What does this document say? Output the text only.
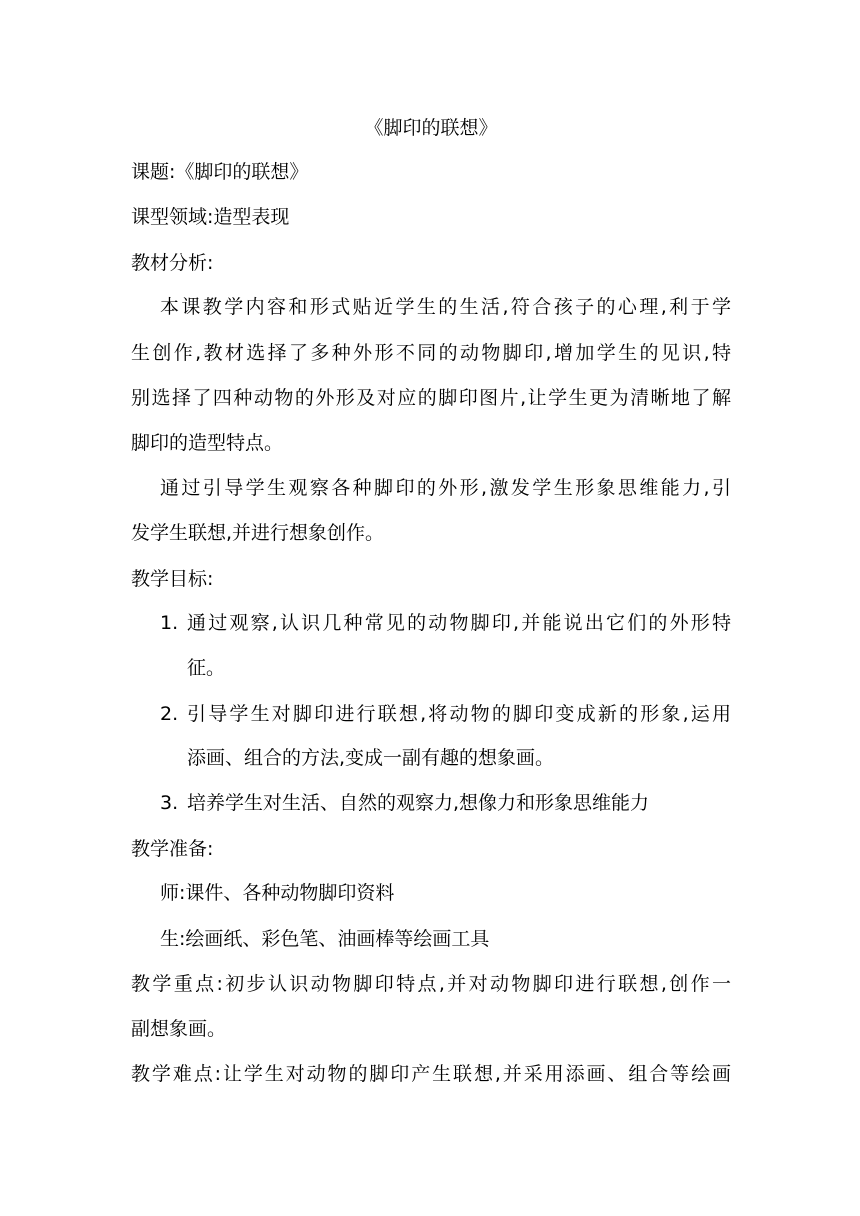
《脚印的联想》
课题:《脚印的联想》
课型领域:造型表现
教材分析:
本课教学内容和形式贴近学生的生活,符合孩子的心理,利于学
生创作,教材选择了多种外形不同的动物脚印,增加学生的见识,特
别选择了四种动物的外形及对应的脚印图片,让学生更为清晰地了解
脚印的造型特点。
通过引导学生观察各种脚印的外形,激发学生形象思维能力,引
发学生联想,并进行想象创作。
教学目标:
1. 通过观察,认识几种常见的动物脚印,并能说出它们的外形特
征。
2. 引导学生对脚印进行联想,将动物的脚印变成新的形象,运用
添画、组合的方法,变成一副有趣的想象画。
3. 培养学生对生活、自然的观察力,想像力和形象思维能力
教学准备:
师:课件、各种动物脚印资料
生:绘画纸、彩色笔、油画棒等绘画工具
教学重点:初步认识动物脚印特点,并对动物脚印进行联想,创作一
副想象画。
教学难点:让学生对动物的脚印产生联想,并采用添画、组合等绘画
